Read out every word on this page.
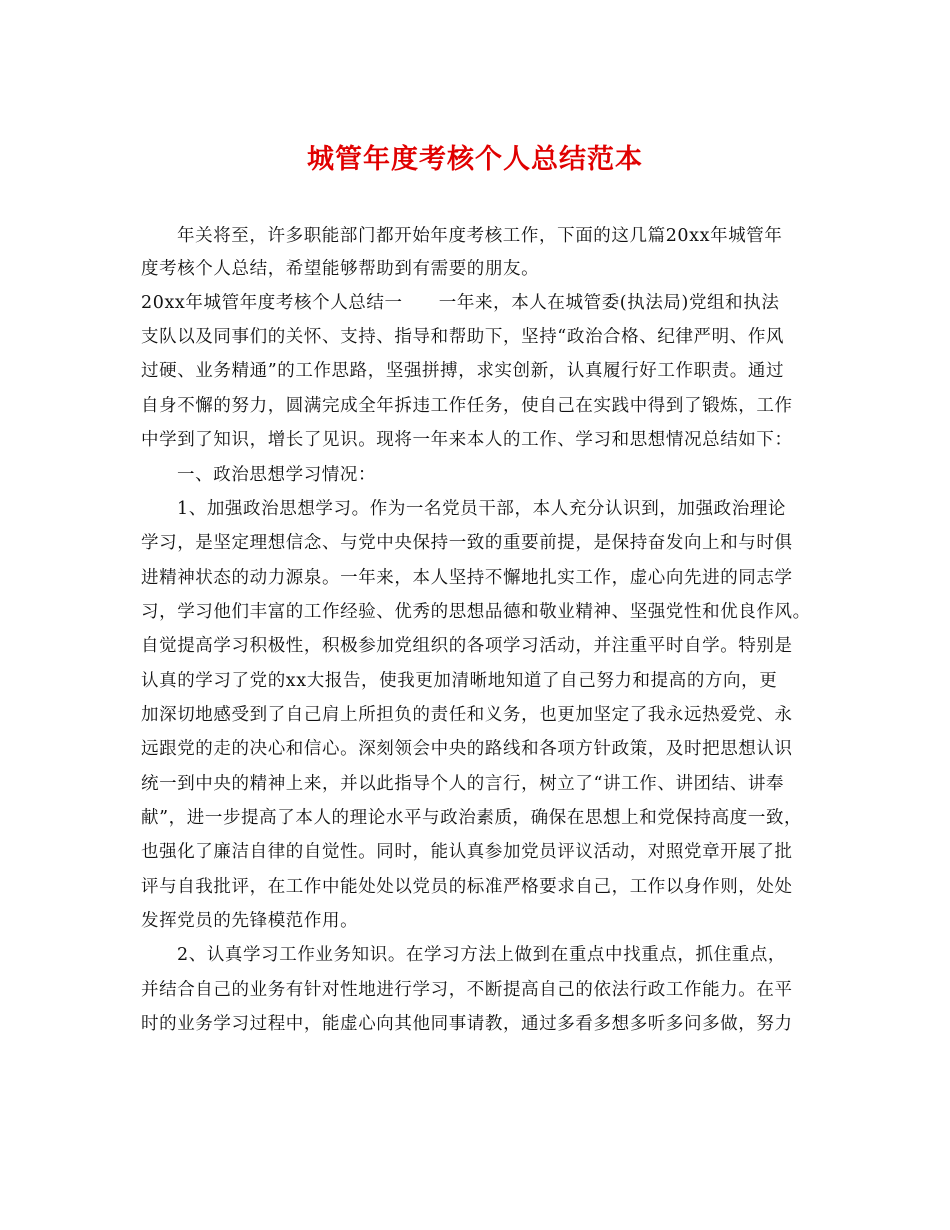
城管年度考核个人总结范本
年关将至，许多职能部门都开始年度考核工作，下面的这几篇20xx年城管年
度考核个人总结，希望能够帮助到有需要的朋友。
20xx年城管年度考核个人总结一　　一年来，本人在城管委(执法局)党组和执法
支队以及同事们的关怀、支持、指导和帮助下，坚持“政治合格、纪律严明、作风
过硬、业务精通”的工作思路，坚强拼搏，求实创新，认真履行好工作职责。通过
自身不懈的努力，圆满完成全年拆违工作任务，使自己在实践中得到了锻炼，工作
中学到了知识，增长了见识。现将一年来本人的工作、学习和思想情况总结如下：
一、政治思想学习情况：
1、加强政治思想学习。作为一名党员干部，本人充分认识到，加强政治理论
学习，是坚定理想信念、与党中央保持一致的重要前提，是保持奋发向上和与时俱
进精神状态的动力源泉。一年来，本人坚持不懈地扎实工作，虚心向先进的同志学
习，学习他们丰富的工作经验、优秀的思想品德和敬业精神、坚强党性和优良作风。
自觉提高学习积极性，积极参加党组织的各项学习活动，并注重平时自学。特别是
认真的学习了党的xx大报告，使我更加清晰地知道了自己努力和提高的方向，更
加深切地感受到了自己肩上所担负的责任和义务，也更加坚定了我永远热爱党、永
远跟党的走的决心和信心。深刻领会中央的路线和各项方针政策，及时把思想认识
统一到中央的精神上来，并以此指导个人的言行，树立了“讲工作、讲团结、讲奉
献”，进一步提高了本人的理论水平与政治素质，确保在思想上和党保持高度一致，
也强化了廉洁自律的自觉性。同时，能认真参加党员评议活动，对照党章开展了批
评与自我批评，在工作中能处处以党员的标准严格要求自己，工作以身作则，处处
发挥党员的先锋模范作用。
2、认真学习工作业务知识。在学习方法上做到在重点中找重点，抓住重点，
并结合自己的业务有针对性地进行学习，不断提高自己的依法行政工作能力。在平
时的业务学习过程中，能虚心向其他同事请教，通过多看多想多听多问多做，努力
